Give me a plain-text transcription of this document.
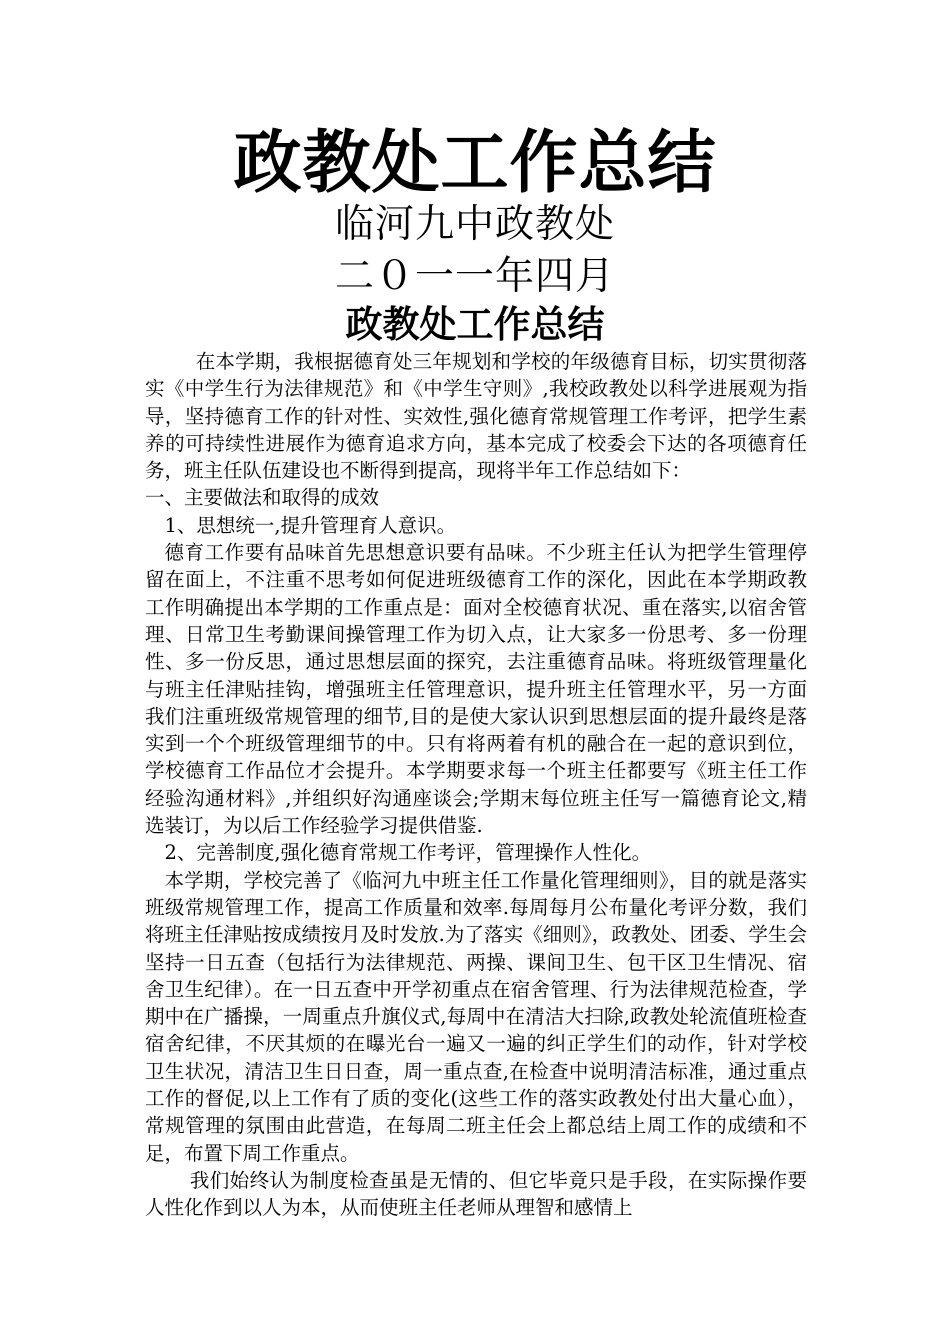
政教处工作总结
临河九中政教处
二０一一年四月
政教处工作总结

在本学期，我根据德育处三年规划和学校的年级德育目标，切实贯彻落实《中学生行为法律规范》和《中学生守则》,我校政教处以科学进展观为指导，坚持德育工作的针对性、实效性,强化德育常规管理工作考评，把学生素养的可持续性进展作为德育追求方向，基本完成了校委会下达的各项德育任务，班主任队伍建设也不断得到提高，现将半年工作总结如下：

一、主要做法和取得的成效

1、思想统一,提升管理育人意识。

德育工作要有品味首先思想意识要有品味。不少班主任认为把学生管理停留在面上，不注重不思考如何促进班级德育工作的深化，因此在本学期政教工作明确提出本学期的工作重点是：面对全校德育状况、重在落实,以宿舍管理、日常卫生考勤课间操管理工作为切入点，让大家多一份思考、多一份理性、多一份反思，通过思想层面的探究，去注重德育品味。将班级管理量化与班主任津贴挂钩，增强班主任管理意识，提升班主任管理水平，另一方面我们注重班级常规管理的细节,目的是使大家认识到思想层面的提升最终是落实到一个个班级管理细节的中。只有将两着有机的融合在一起的意识到位，学校德育工作品位才会提升。本学期要求每一个班主任都要写《班主任工作经验沟通材料》,并组织好沟通座谈会;学期末每位班主任写一篇德育论文,精选装订，为以后工作经验学习提供借鉴.

2、完善制度,强化德育常规工作考评，管理操作人性化。

本学期，学校完善了《临河九中班主任工作量化管理细则》，目的就是落实班级常规管理工作，提高工作质量和效率.每周每月公布量化考评分数，我们将班主任津贴按成绩按月及时发放.为了落实《细则》，政教处、团委、学生会坚持一日五查（包括行为法律规范、两操、课间卫生、包干区卫生情况、宿舍卫生纪律）。在一日五查中开学初重点在宿舍管理、行为法律规范检查，学期中在广播操，一周重点升旗仪式,每周中在清洁大扫除,政教处轮流值班检查宿舍纪律，不厌其烦的在曝光台一遍又一遍的纠正学生们的动作，针对学校卫生状况，清洁卫生日日查，周一重点查,在检查中说明清洁标准，通过重点工作的督促,以上工作有了质的变化(这些工作的落实政教处付出大量心血），常规管理的氛围由此营造，在每周二班主任会上都总结上周工作的成绩和不足，布置下周工作重点。

我们始终认为制度检查虽是无情的、但它毕竟只是手段，在实际操作要人性化作到以人为本，从而使班主任老师从理智和感情上
